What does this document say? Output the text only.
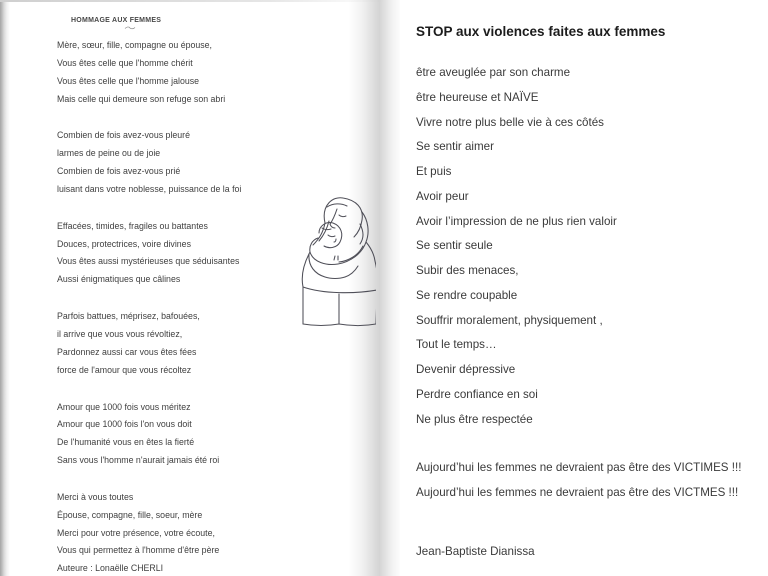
HOMMAGE AUX FEMMES

Mère, sœur, fille, compagne ou épouse,

Vous êtes celle que l'homme chérit

Vous êtes celle que l'homme jalouse

Mais celle qui demeure son refuge son abri

Combien de fois avez-vous pleuré

larmes de peine ou de joie

Combien de fois avez-vous prié

luisant dans votre noblesse, puissance de la foi

Effacées, timides, fragiles ou battantes

Douces, protectrices, voire divines

Vous êtes aussi mystérieuses que séduisantes

Aussi énigmatiques que câlines

Parfois battues, méprisez, bafouées,

il arrive que vous vous révoltiez,

Pardonnez aussi car vous êtes fées

force de l'amour que vous récoltez

Amour que 1000 fois vous méritez

Amour que 1000 fois l'on vous doit

De l'humanité vous en êtes la fierté

Sans vous l'homme n'aurait jamais été roi

Merci à vous toutes

Épouse, compagne, fille, soeur, mère

Merci pour votre présence, votre écoute,

Vous qui permettez à l'homme d'être père

Auteure : Lonaëlle CHERLI

STOP aux violences faites aux femmes

être aveuglée par son charme

être heureuse et NAÏVE

Vivre notre plus belle vie à ces côtés

Se sentir aimer

Et puis

Avoir peur

Avoir l’impression de ne plus rien valoir

Se sentir seule

Subir des menaces,

Se rendre coupable

Souffrir moralement, physiquement ,

Tout le temps…

Devenir dépressive

Perdre confiance en soi

Ne plus être respectée

Aujourd’hui les femmes ne devraient pas être des VICTIMES !!!

Aujourd’hui les femmes ne devraient pas être des VICTMES !!!

Jean-Baptiste Dianissa
